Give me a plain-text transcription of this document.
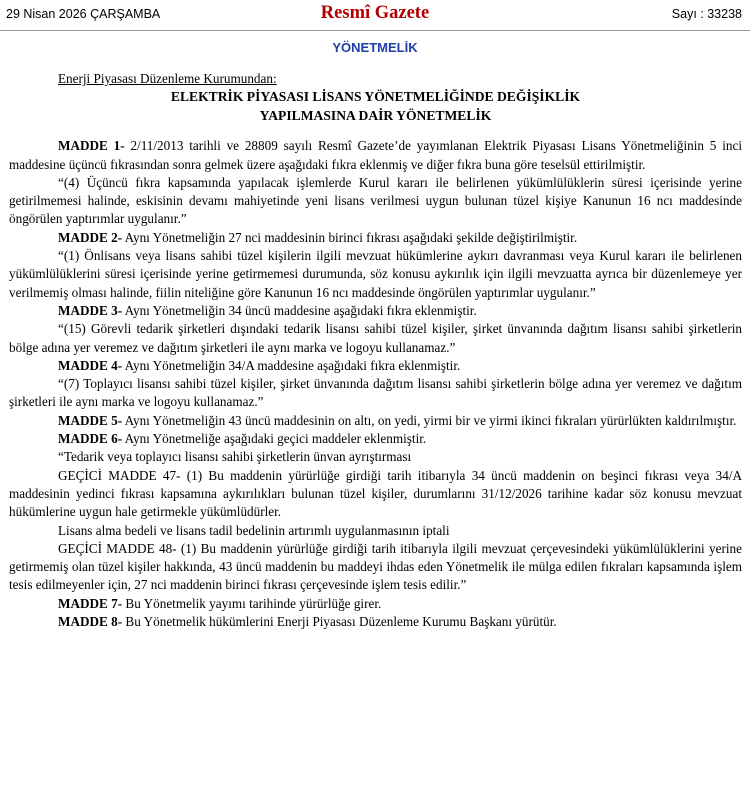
29 Nisan 2026 ÇARŞAMBA	Resmî Gazete	Sayı : 33238
YÖNETMELİK

Enerji Piyasası Düzenleme Kurumundan:

ELEKTRİK PİYASASI LİSANS YÖNETMELİĞİNDE DEĞİŞİKLİK
YAPILMASINA DAİR YÖNETMELİK

MADDE 1- 2/11/2013 tarihli ve 28809 sayılı Resmî Gazete’de yayımlanan Elektrik Piyasası Lisans Yönetmeliğinin 5 inci maddesine üçüncü fıkrasından sonra gelmek üzere aşağıdaki fıkra eklenmiş ve diğer fıkra buna göre teselsül ettirilmiştir.

“(4) Üçüncü fıkra kapsamında yapılacak işlemlerde Kurul kararı ile belirlenen yükümlülüklerin süresi içerisinde yerine getirilmemesi halinde, eskisinin devamı mahiyetinde yeni lisans verilmesi uygun bulunan tüzel kişiye Kanunun 16 ncı maddesinde öngörülen yaptırımlar uygulanır.”

MADDE 2- Aynı Yönetmeliğin 27 nci maddesinin birinci fıkrası aşağıdaki şekilde değiştirilmiştir.

“(1) Önlisans veya lisans sahibi tüzel kişilerin ilgili mevzuat hükümlerine aykırı davranması veya Kurul kararı ile belirlenen yükümlülüklerini süresi içerisinde yerine getirmemesi durumunda, söz konusu aykırılık için ilgili mevzuatta ayrıca bir düzenlemeye yer verilmemiş olması halinde, fiilin niteliğine göre Kanunun 16 ncı maddesinde öngörülen yaptırımlar uygulanır.”

MADDE 3- Aynı Yönetmeliğin 34 üncü maddesine aşağıdaki fıkra eklenmiştir.

“(15) Görevli tedarik şirketleri dışındaki tedarik lisansı sahibi tüzel kişiler, şirket ünvanında dağıtım lisansı sahibi şirketlerin bölge adına yer veremez ve dağıtım şirketleri ile aynı marka ve logoyu kullanamaz.”

MADDE 4- Aynı Yönetmeliğin 34/A maddesine aşağıdaki fıkra eklenmiştir.

“(7) Toplayıcı lisansı sahibi tüzel kişiler, şirket ünvanında dağıtım lisansı sahibi şirketlerin bölge adına yer veremez ve dağıtım şirketleri ile aynı marka ve logoyu kullanamaz.”

MADDE 5- Aynı Yönetmeliğin 43 üncü maddesinin on altı, on yedi, yirmi bir ve yirmi ikinci fıkraları yürürlükten kaldırılmıştır.

MADDE 6- Aynı Yönetmeliğe aşağıdaki geçici maddeler eklenmiştir.

“Tedarik veya toplayıcı lisansı sahibi şirketlerin ünvan ayrıştırması

GEÇİCİ MADDE 47- (1) Bu maddenin yürürlüğe girdiği tarih itibarıyla 34 üncü maddenin on beşinci fıkrası veya 34/A maddesinin yedinci fıkrası kapsamına aykırılıkları bulunan tüzel kişiler, durumlarını 31/12/2026 tarihine kadar söz konusu mevzuat hükümlerine uygun hale getirmekle yükümlüdürler.

Lisans alma bedeli ve lisans tadil bedelinin artırımlı uygulanmasının iptali

GEÇİCİ MADDE 48- (1) Bu maddenin yürürlüğe girdiği tarih itibarıyla ilgili mevzuat çerçevesindeki yükümlülüklerini yerine getirmemiş olan tüzel kişiler hakkında, 43 üncü maddenin bu maddeyi ihdas eden Yönetmelik ile mülga edilen fıkraları kapsamında işlem tesis edilmeyenler için, 27 nci maddenin birinci fıkrası çerçevesinde işlem tesis edilir.”

MADDE 7- Bu Yönetmelik yayımı tarihinde yürürlüğe girer.

MADDE 8- Bu Yönetmelik hükümlerini Enerji Piyasası Düzenleme Kurumu Başkanı yürütür.
